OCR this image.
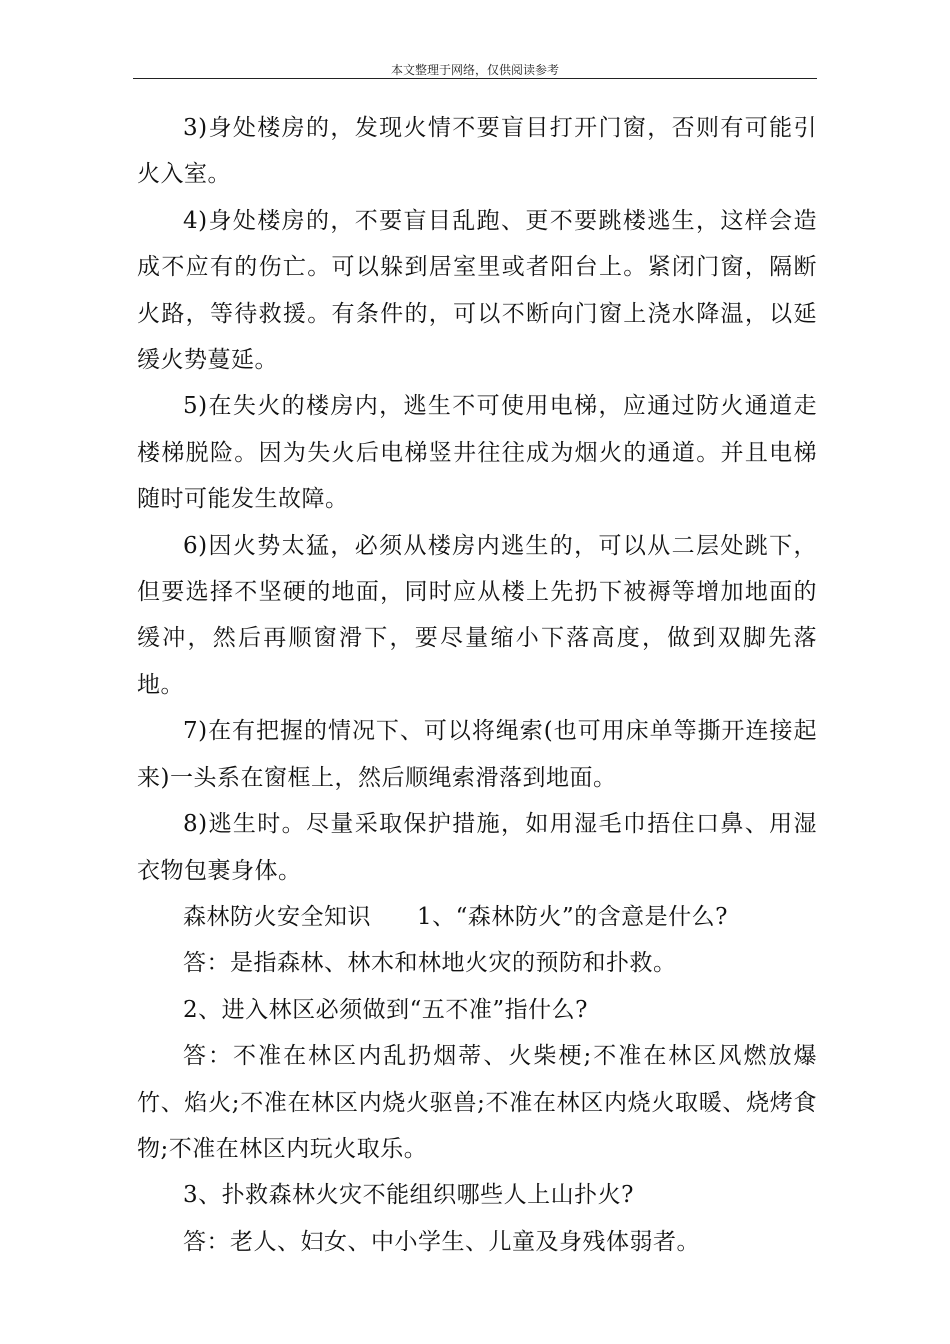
本文整理于网络，仅供阅读参考

3)身处楼房的，发现火情不要盲目打开门窗，否则有可能引火入室。

4)身处楼房的，不要盲目乱跑、更不要跳楼逃生，这样会造成不应有的伤亡。可以躲到居室里或者阳台上。紧闭门窗，隔断火路，等待救援。有条件的，可以不断向门窗上浇水降温，以延缓火势蔓延。

5)在失火的楼房内，逃生不可使用电梯，应通过防火通道走楼梯脱险。因为失火后电梯竖井往往成为烟火的通道。并且电梯随时可能发生故障。

6)因火势太猛，必须从楼房内逃生的，可以从二层处跳下，但要选择不坚硬的地面，同时应从楼上先扔下被褥等增加地面的缓冲，然后再顺窗滑下，要尽量缩小下落高度，做到双脚先落地。

7)在有把握的情况下、可以将绳索(也可用床单等撕开连接起来)一头系在窗框上，然后顺绳索滑落到地面。

8)逃生时。尽量采取保护措施，如用湿毛巾捂住口鼻、用湿衣物包裹身体。

森林防火安全知识 1、“森林防火”的含意是什么?

答：是指森林、林木和林地火灾的预防和扑救。

2、进入林区必须做到“五不准”指什么?

答：不准在林区内乱扔烟蒂、火柴梗;不准在林区风燃放爆竹、焰火;不准在林区内烧火驱兽;不准在林区内烧火取暖、烧烤食物;不准在林区内玩火取乐。

3、扑救森林火灾不能组织哪些人上山扑火?

答：老人、妇女、中小学生、儿童及身残体弱者。
